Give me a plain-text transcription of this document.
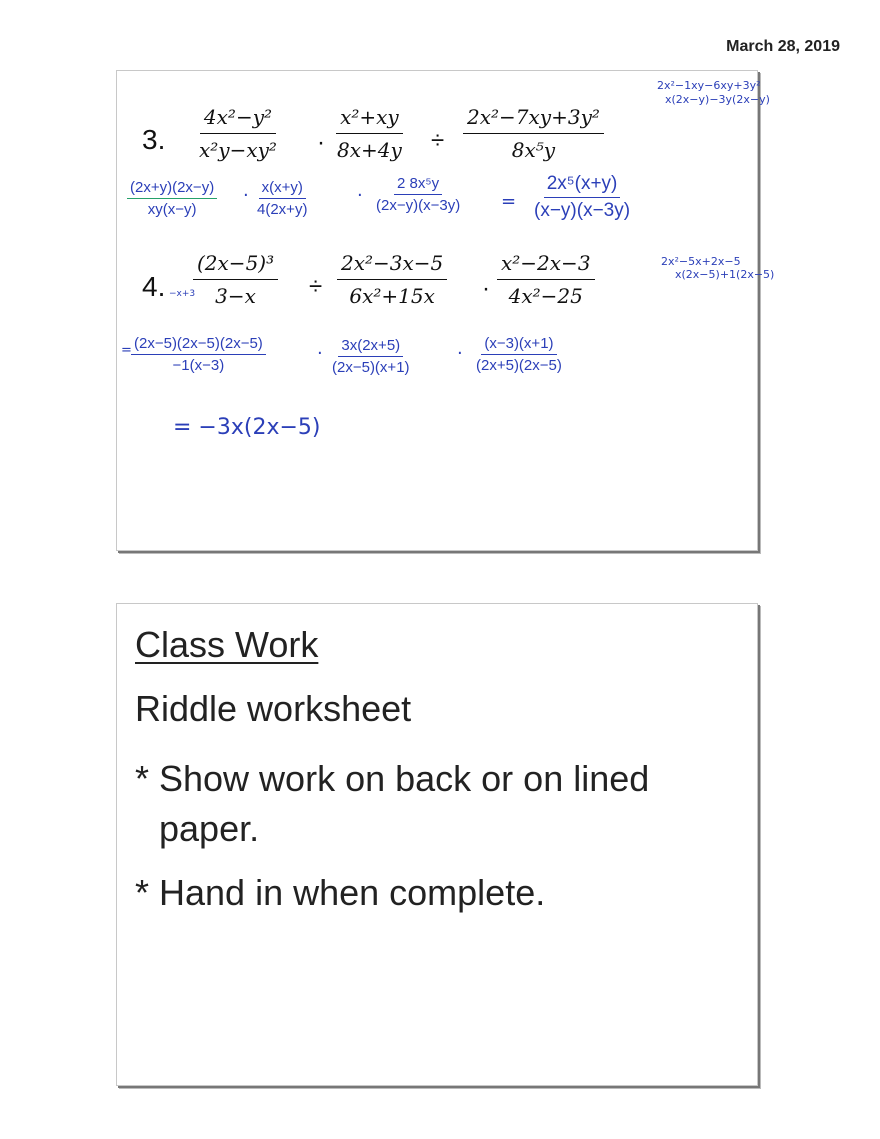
March 28, 2019
3. $\frac{\text{4x²−y²}}{\text{x²y−xy²}} \cdot \frac{\text{x²+xy}}{8x+4y} \div \frac{\text{2x²−7xy+3y²}}{\text{8x⁵y}}$
2x²−1xy−6xy+3y²
x(2x−y)−3y(2x−y)
$\frac{(2x+y)(2x-y)}{xy(x-y)} \cdot \frac{x(x+y)}{4(2x+y)}$	· $\frac{\text{2 8x⁵y}}{(2x-y)(x-3y)} = \frac{\text{2x⁵(x+y)}}{(x-y)(x-3y)}$
4. −x+3
$\frac{\text{(2x−5)³}}{3-x} \div \frac{\text{2x²−3x−5}}{\text{6x²+15x}} \cdot \frac{\text{x²−2x−3}}{\text{4x²−25}}$	2x²−5x+2x−5
x(2x−5)+1(2x−5)
= $\frac{(2x-5)(2x-5)(2x-5)}{-1(x-3)}$	· $\frac{3x(2x+5)}{(2x-5)(x+1)} \cdot \frac{(x-3)(x+1)}{(2x+5)(2x-5)}$
= −3x(2x−5)
Class Work
Riddle worksheet
* Show work on back or on lined paper.
* Hand in when complete.
